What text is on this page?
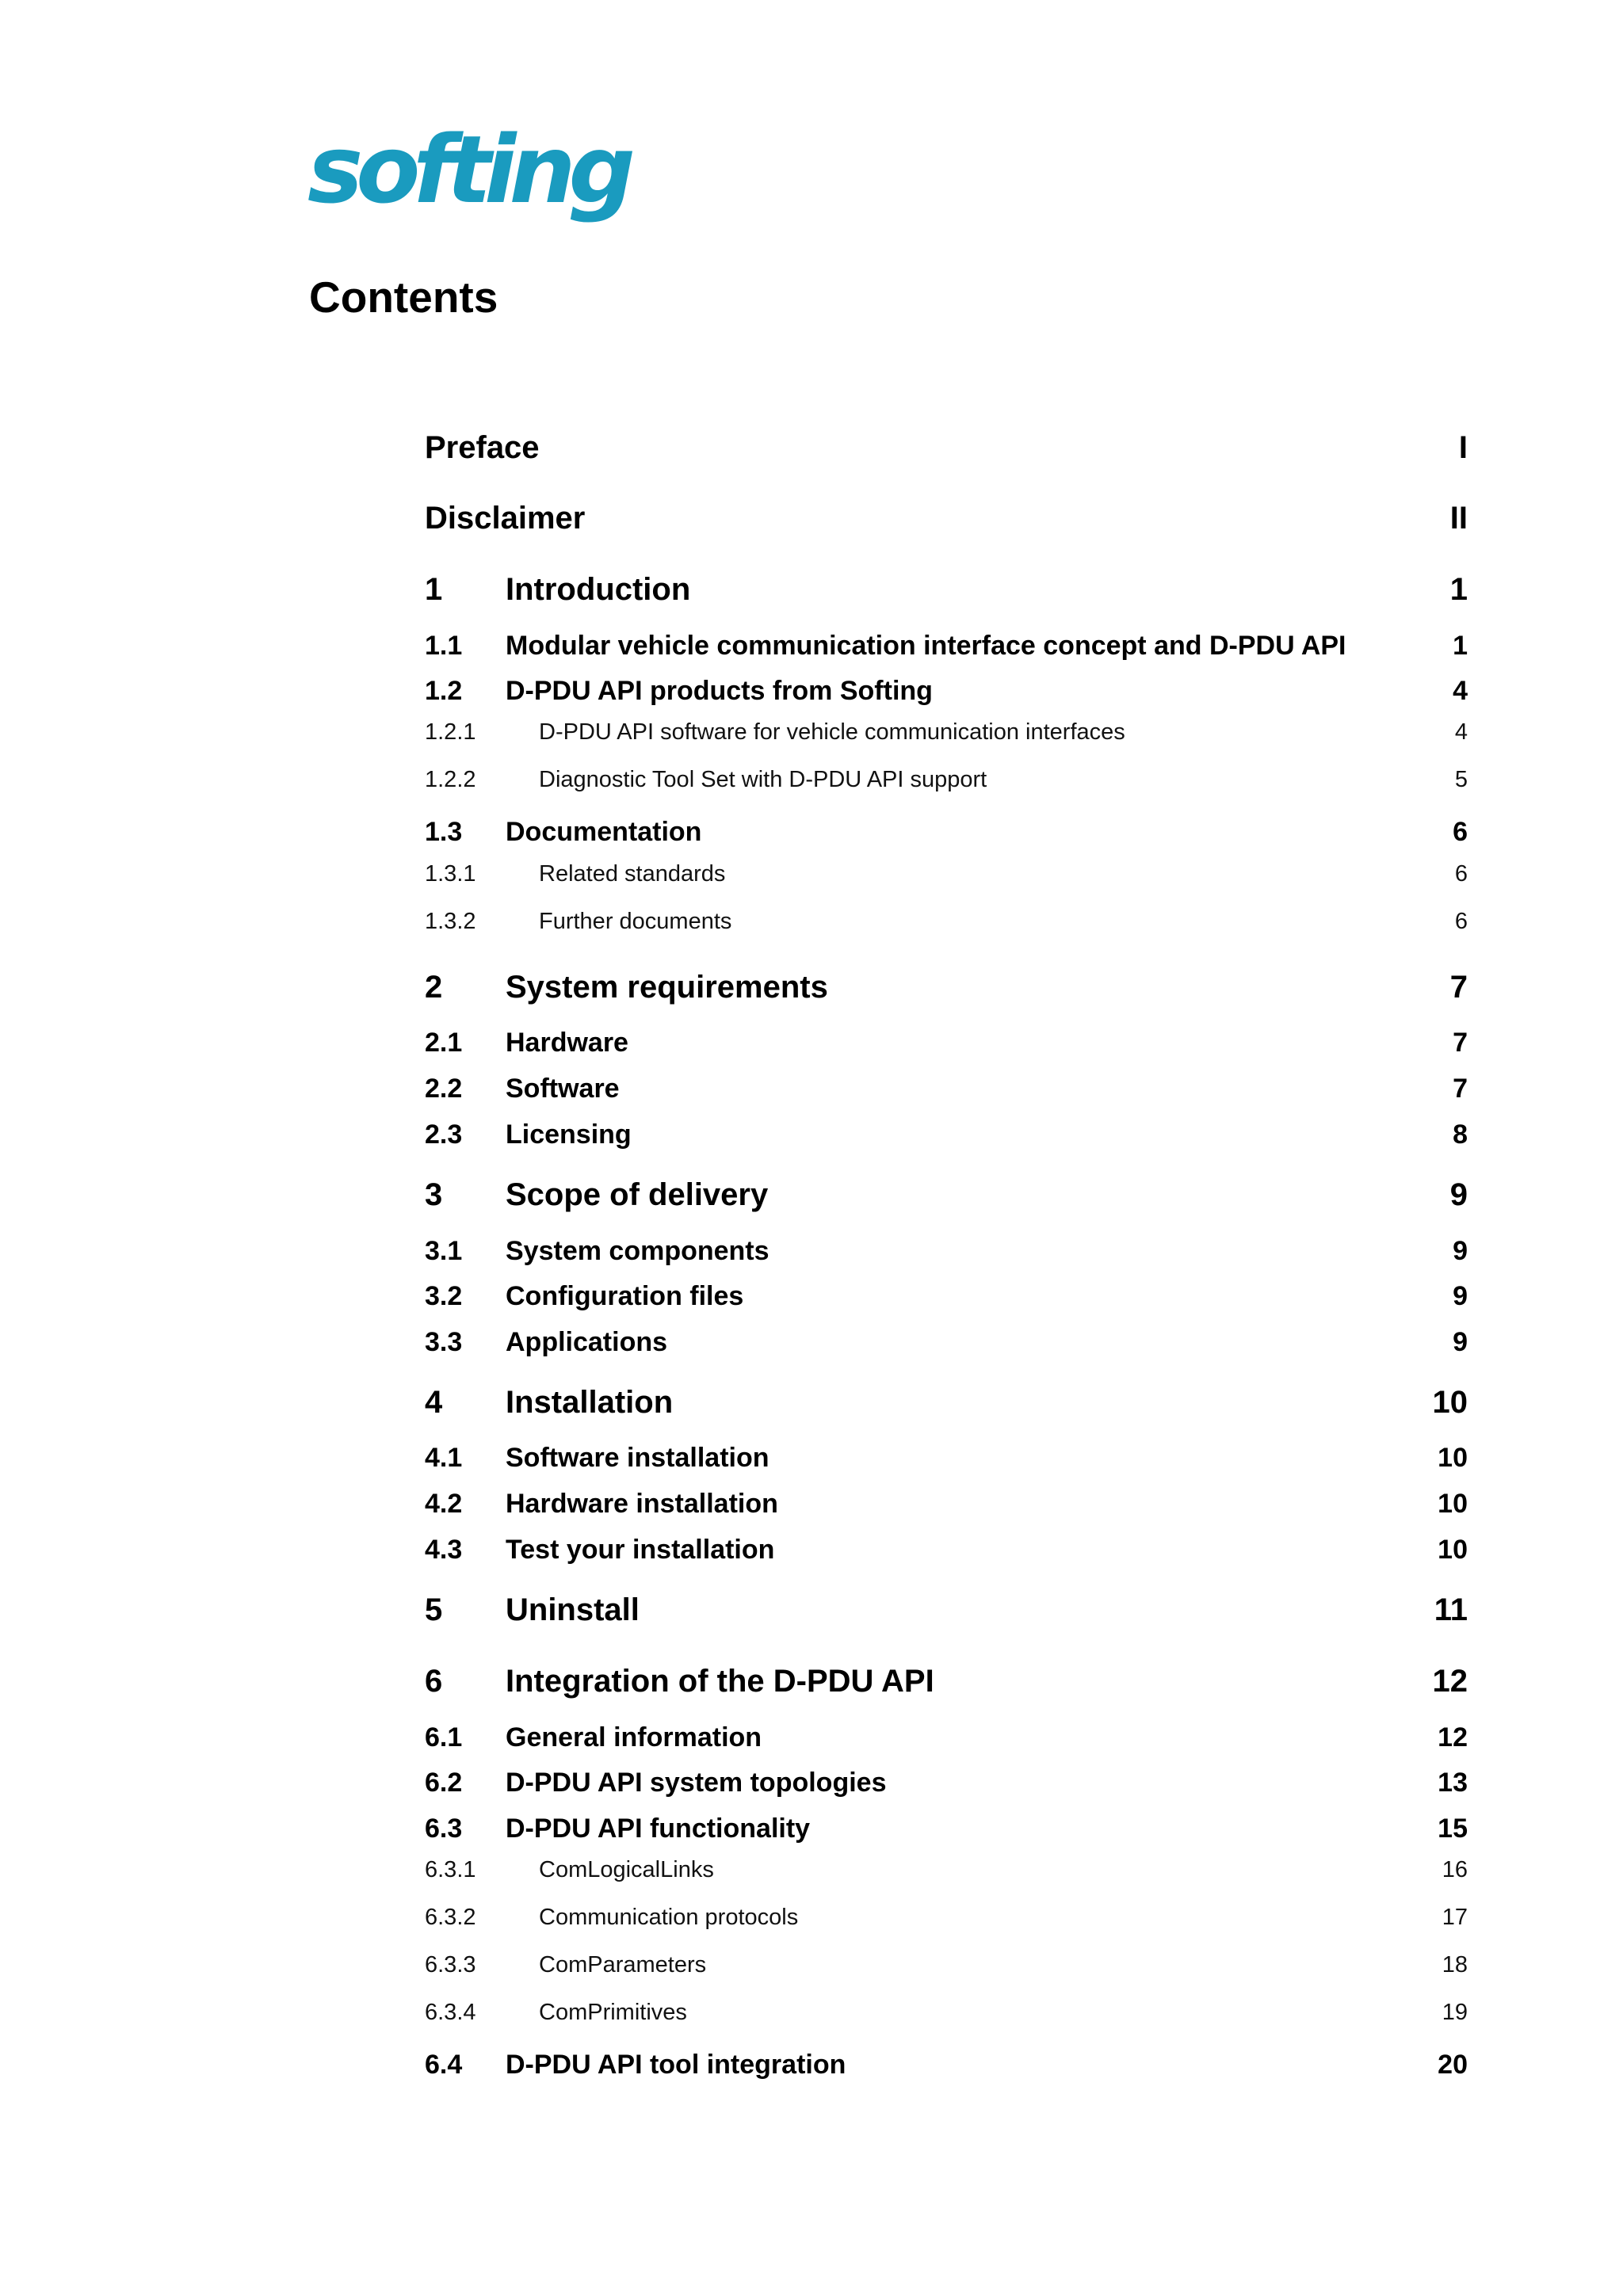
softing
Contents
Preface	I
Disclaimer	II
1 Introduction	1
1.1 Modular vehicle communication interface concept and D-PDU API	1
1.2 D-PDU API products from Softing	4
1.2.1	D-PDU API software for vehicle communication interfaces	4
1.2.2	Diagnostic Tool Set with D-PDU API support	5
1.3 Documentation	6
1.3.1	Related standards	6
1.3.2	Further documents	6
2 System requirements	7
2.1 Hardware	7
2.2 Software	7
2.3 Licensing	8
3 Scope of delivery	9
3.1 System components	9
3.2 Configuration files	9
3.3 Applications	9
4 Installation	10
4.1 Software installation	10
4.2 Hardware installation	10
4.3 Test your installation	10
5 Uninstall	11
6 Integration of the D-PDU API	12
6.1 General information	12
6.2 D-PDU API system topologies	13
6.3 D-PDU API functionality	15
6.3.1	ComLogicalLinks	16
6.3.2	Communication protocols	17
6.3.3	ComParameters	18
6.3.4	ComPrimitives	19
6.4 D-PDU API tool integration	20
